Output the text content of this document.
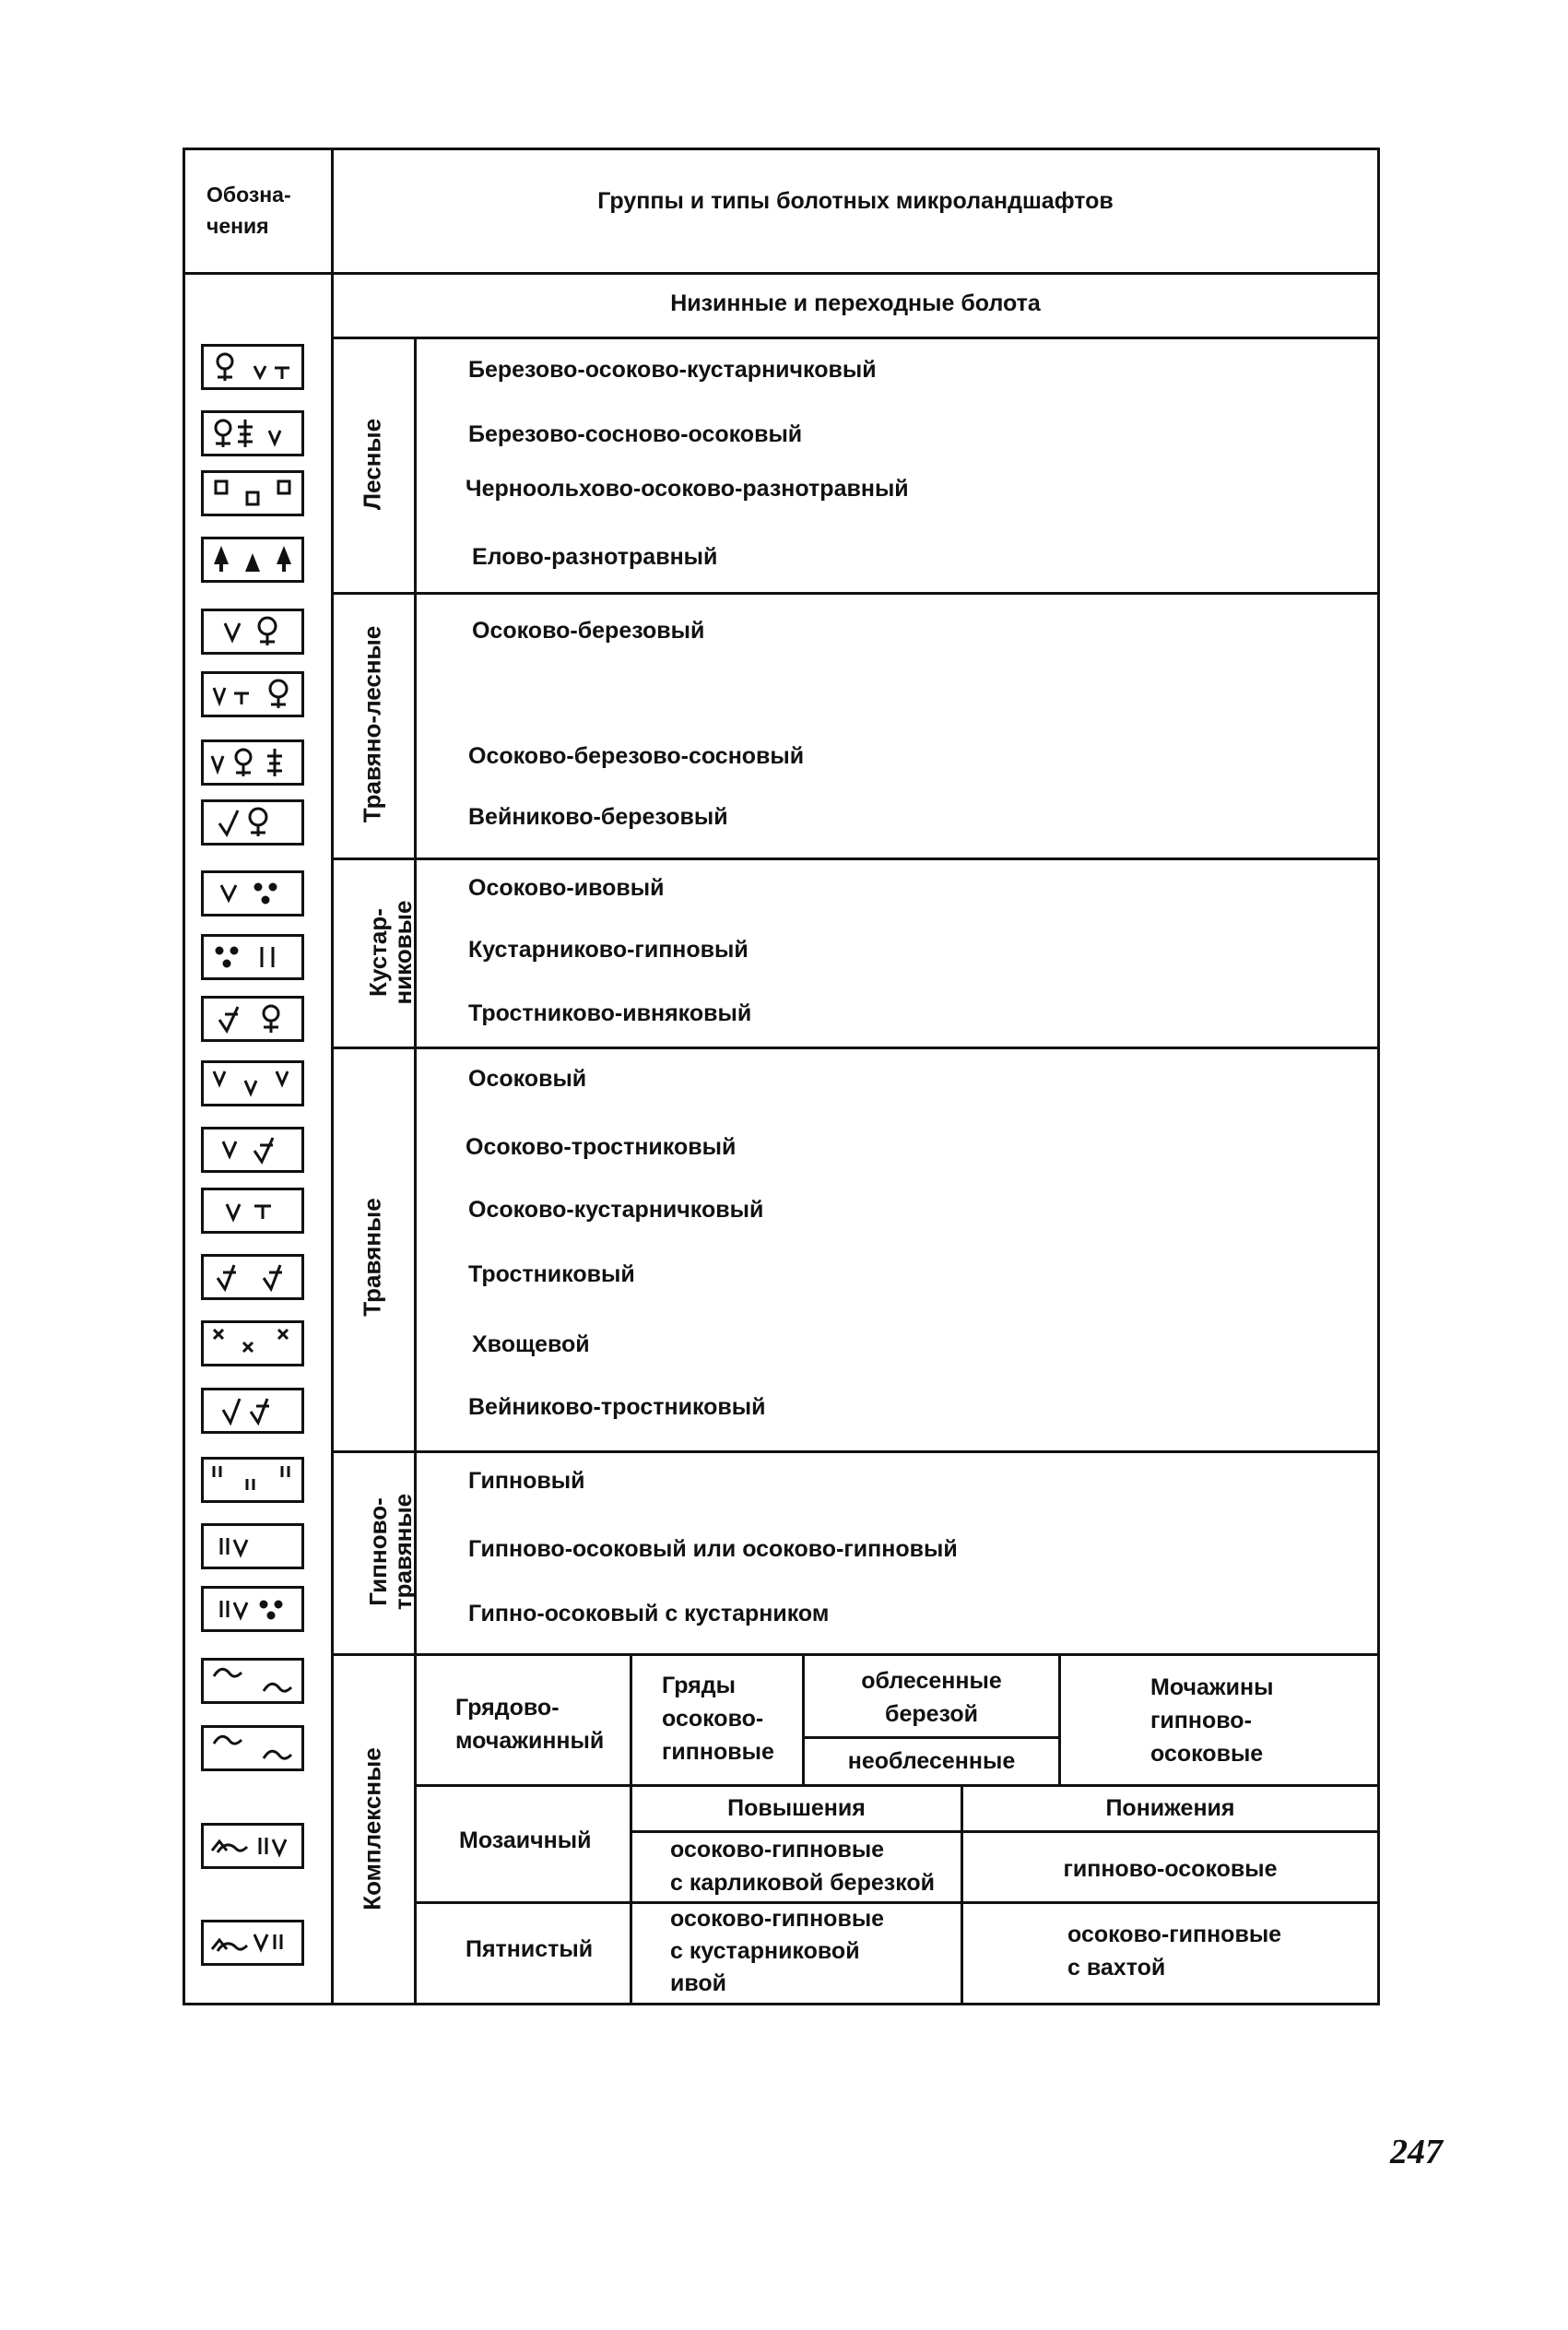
Обозна-
чения
Группы и типы болотных микроландшафтов
Низинные и переходные болота
Лесные
Травяно-лесные
Кустар-
никовые
Травяные
Гипново-
травяные
Комплексные
Березово-осоково-кустарничковый
Березово-сосново-осоковый
Черноольхово-осоково-разнотравный
Елово-разнотравный
Осоково-березовый
Осоково-березово-сосновый
Вейниково-березовый
Осоково-ивовый
Кустарниково-гипновый
Тростниково-ивняковый
Осоковый
Осоково-тростниковый
Осоково-кустарничковый
Тростниковый
Хвощевой
Вейниково-тростниковый
Гипновый
Гипново-осоковый или осоково-гипновый
Гипно-осоковый с кустарником
Грядово-
мочажинный
Гряды
осоково-
гипновые
облесенные
березой
необлесенные
Мочажины
гипново-
осоковые
Мозаичный
Повышения	Понижения
осоково-гипновые
с карликовой березкой
гипново-осоковые
Пятнистый
осоково-гипновые
с кустарниковой
ивой
осоково-гипновые
с вахтой
247
